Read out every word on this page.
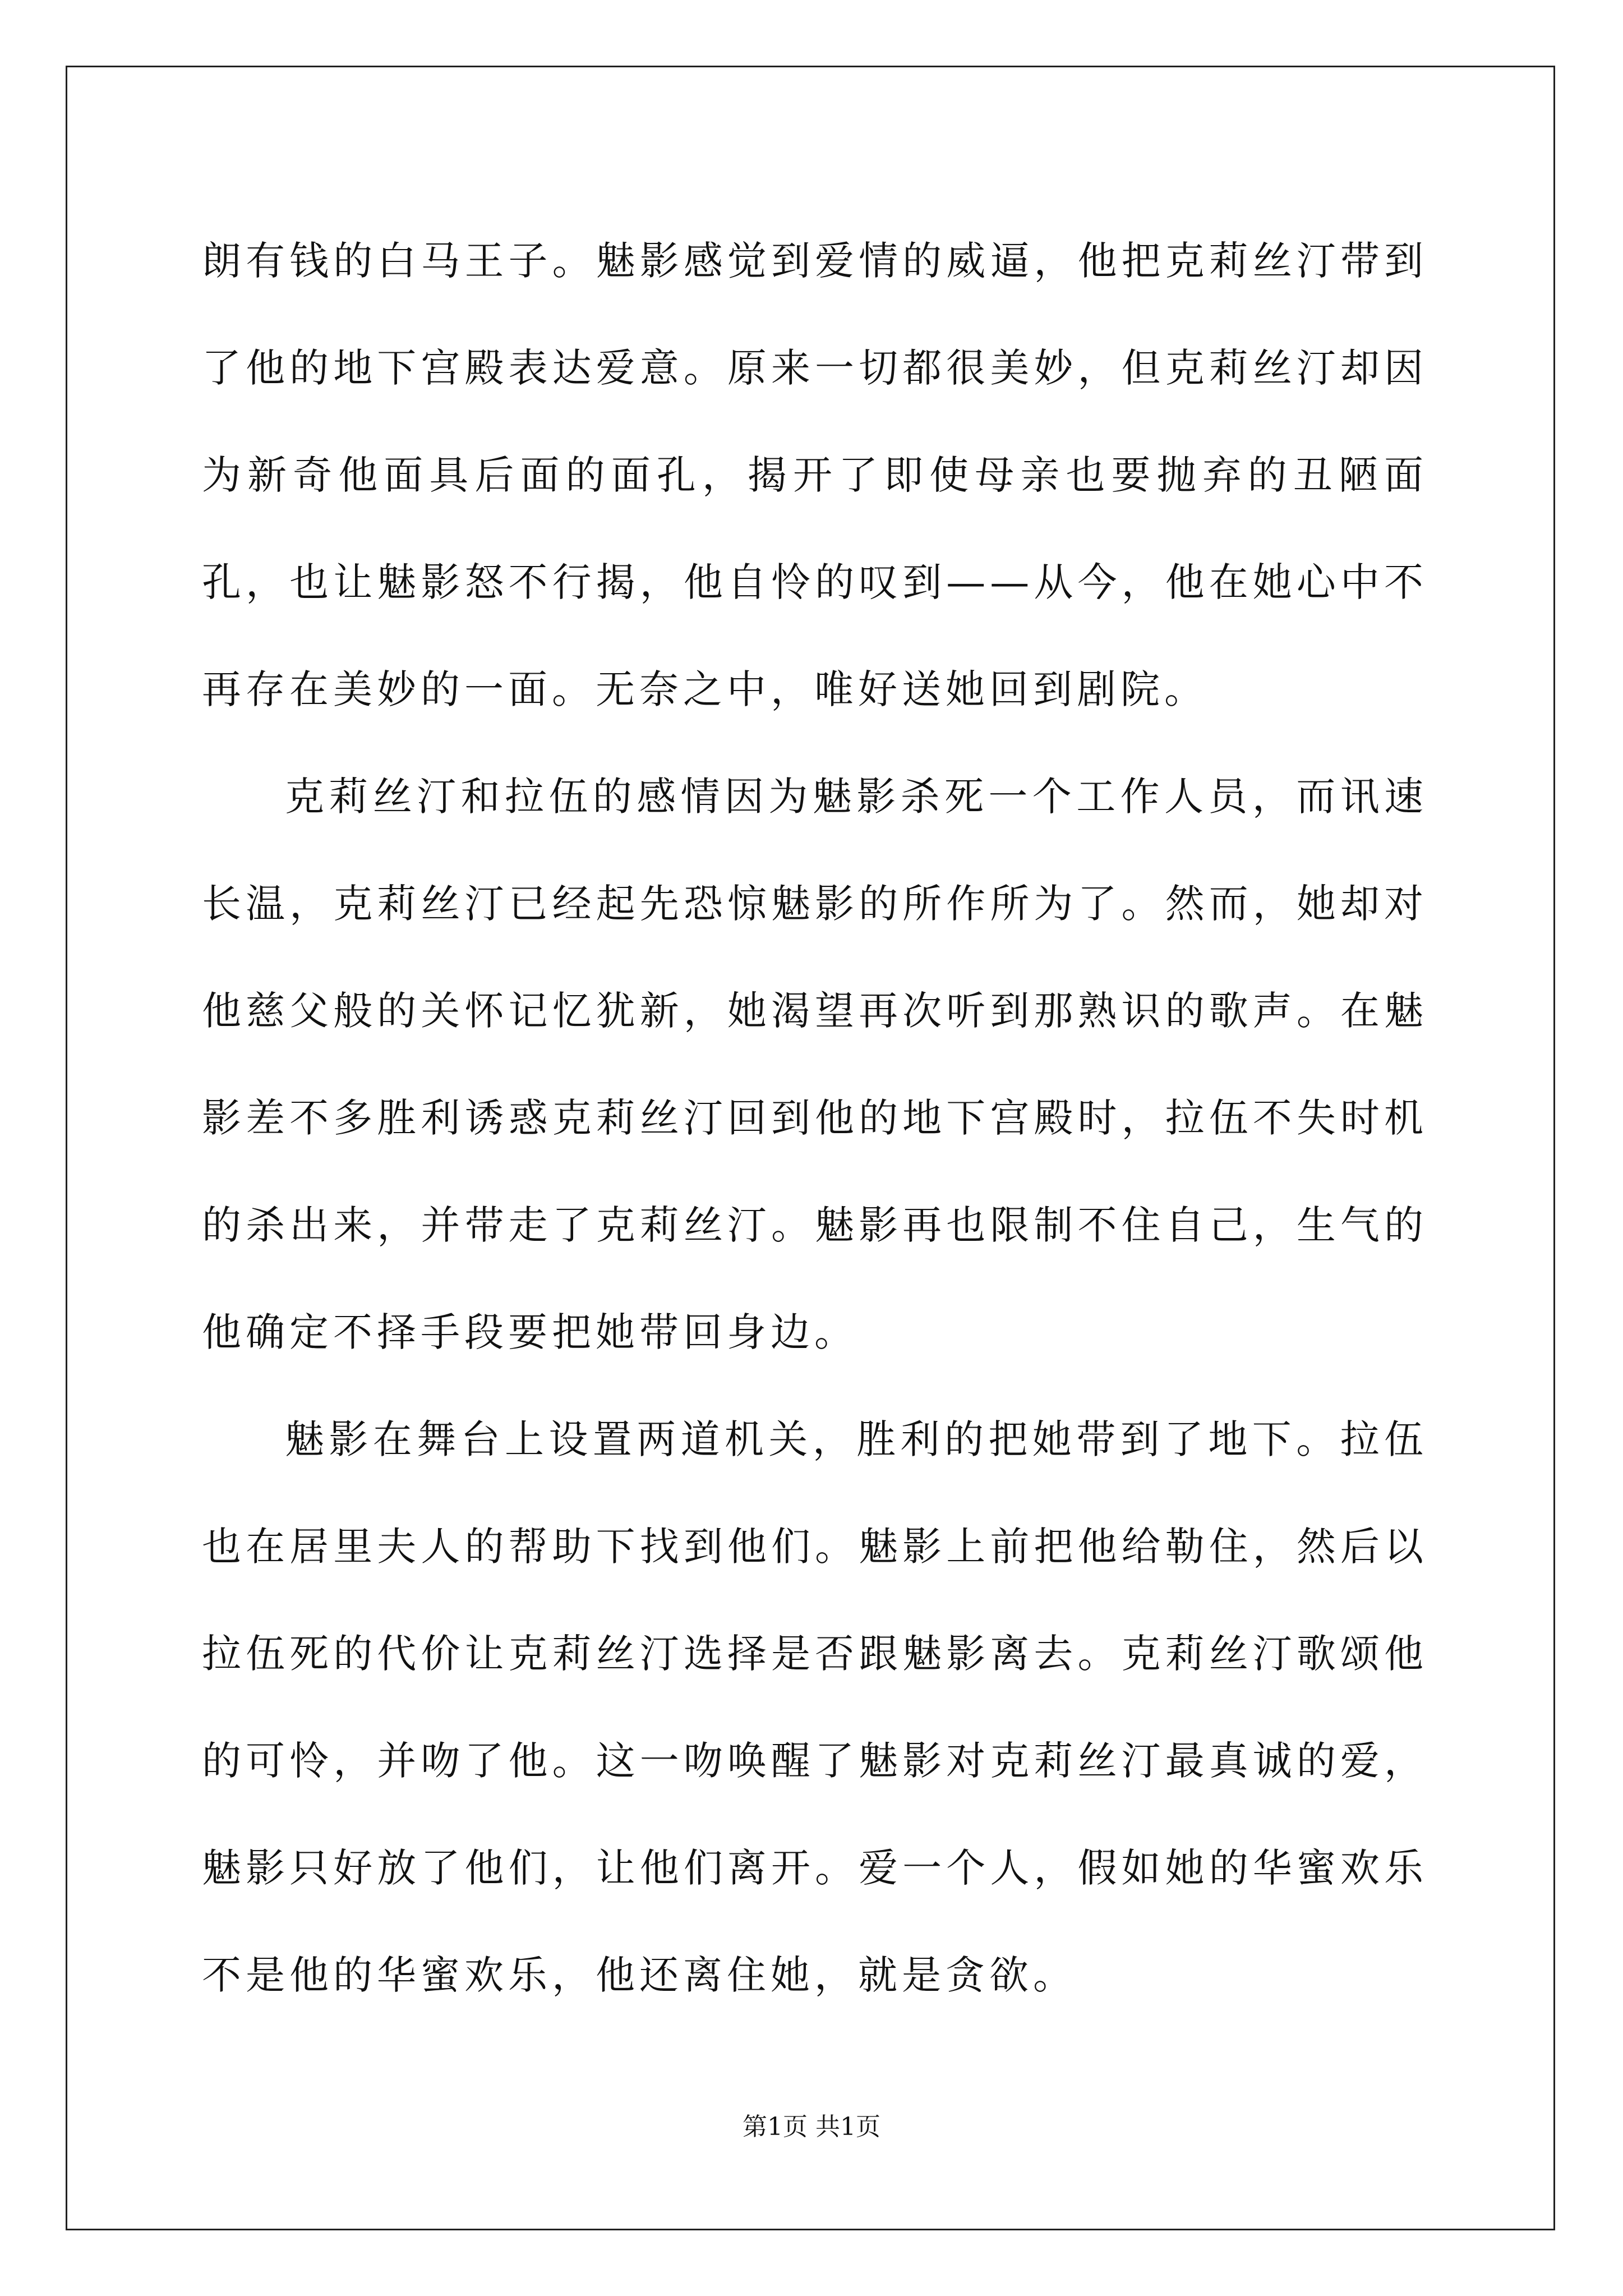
朗有钱的白马王子。魅影感觉到爱情的威逼，他把克莉丝汀带到了他的地下宫殿表达爱意。原来一切都很美妙，但克莉丝汀却因为新奇他面具后面的面孔，揭开了即使母亲也要抛弃的丑陋面孔，也让魅影怒不行揭，他自怜的叹到——从今，他在她心中不再存在美妙的一面。无奈之中，唯好送她回到剧院。

克莉丝汀和拉伍的感情因为魅影杀死一个工作人员，而讯速长温，克莉丝汀已经起先恐惊魅影的所作所为了。然而，她却对他慈父般的关怀记忆犹新，她渴望再次听到那熟识的歌声。在魅影差不多胜利诱惑克莉丝汀回到他的地下宫殿时，拉伍不失时机的杀出来，并带走了克莉丝汀。魅影再也限制不住自己，生气的他确定不择手段要把她带回身边。

魅影在舞台上设置两道机关，胜利的把她带到了地下。拉伍也在居里夫人的帮助下找到他们。魅影上前把他给勒住，然后以拉伍死的代价让克莉丝汀选择是否跟魅影离去。克莉丝汀歌颂他的可怜，并吻了他。这一吻唤醒了魅影对克莉丝汀最真诚的爱，魅影只好放了他们，让他们离开。爱一个人，假如她的华蜜欢乐不是他的华蜜欢乐，他还离住她，就是贪欲。

第1页 共1页
